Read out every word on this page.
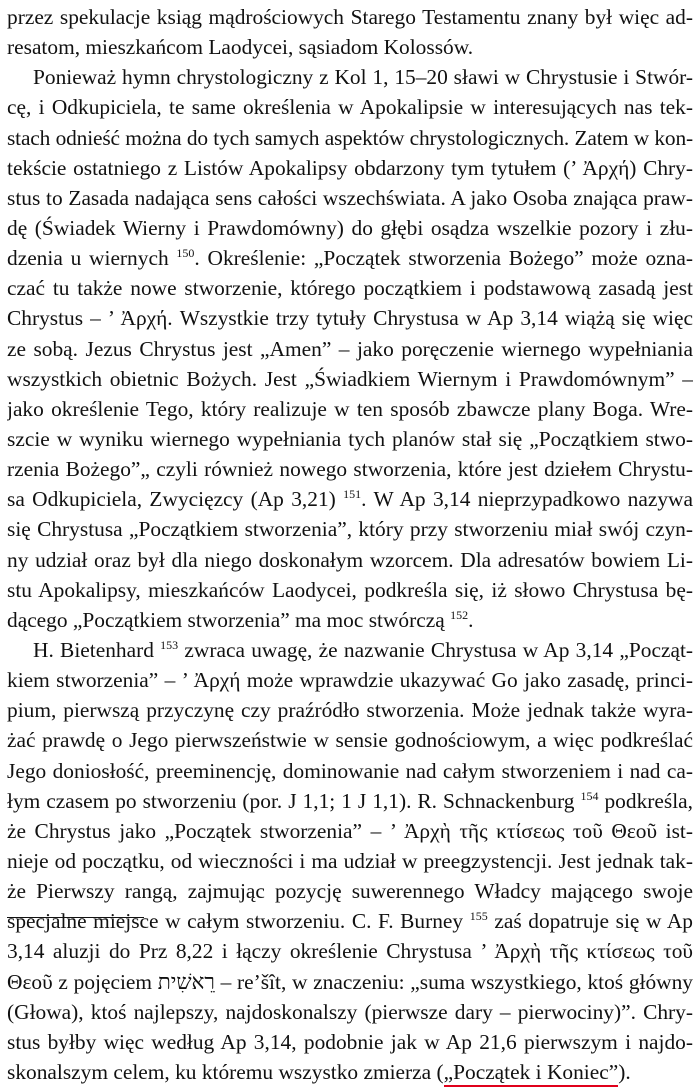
przez spekulacje ksiąg mądrościowych Starego Testamentu znany był więc ad-
resatom, mieszkańcom Laodycei, sąsiadom Kolossów.
Ponieważ hymn chrystologiczny z Kol 1, 15–20 sławi w Chrystusie i Stwór-
cę, i Odkupiciela, te same określenia w Apokalipsie w interesujących nas tek-
stach odnieść można do tych samych aspektów chrystologicznych. Zatem w kon-
tekście ostatniego z Listów Apokalipsy obdarzony tym tytułem (’ Ἀρχή) Chry-
stus to Zasada nadająca sens całości wszechświata. A jako Osoba znająca praw-
dę (Świadek Wierny i Prawdomówny) do głębi osądza wszelkie pozory i złu-
dzenia u wiernych $^{150}$. Określenie: „Początek stworzenia Bożego” może ozna-
czać tu także nowe stworzenie, którego początkiem i podstawową zasadą jest
Chrystus – ’ Ἀρχή. Wszystkie trzy tytuły Chrystusa w Ap 3,14 wiążą się więc
ze sobą. Jezus Chrystus jest „Amen” – jako poręczenie wiernego wypełniania
wszystkich obietnic Bożych. Jest „Świadkiem Wiernym i Prawdomównym” –
jako określenie Tego, który realizuje w ten sposób zbawcze plany Boga. Wre-
szcie w wyniku wiernego wypełniania tych planów stał się „Początkiem stwo-
rzenia Bożego”„ czyli również nowego stworzenia, które jest dziełem Chrystu-
sa Odkupiciela, Zwycięzcy (Ap 3,21) $^{151}$. W Ap 3,14 nieprzypadkowo nazywa
się Chrystusa „Początkiem stworzenia”, który przy stworzeniu miał swój czyn-
ny udział oraz był dla niego doskonałym wzorcem. Dla adresatów bowiem Li-
stu Apokalipsy, mieszkańców Laodycei, podkreśla się, iż słowo Chrystusa bę-
dącego „Początkiem stworzenia” ma moc stwórczą $^{152}$.
H. Bietenhard $^{153}$ zwraca uwagę, że nazwanie Chrystusa w Ap 3,14 „Począt-
kiem stworzenia” – ’ Ἀρχή może wprawdzie ukazywać Go jako zasadę, princi-
pium, pierwszą przyczynę czy praźródło stworzenia. Może jednak także wyra-
żać prawdę o Jego pierwszeństwie w sensie godnościowym, a więc podkreślać
Jego doniosłość, preeminencję, dominowanie nad całym stworzeniem i nad ca-
łym czasem po stworzeniu (por. J 1,1; 1 J 1,1). R. Schnackenburg $^{154}$ podkreśla,
że Chrystus jako „Początek stworzenia” – ’ Ἀρχὴ τῆς κτίσεως τοῦ Θεοῦ ist-
nieje od początku, od wieczności i ma udział w preegzystencji. Jest jednak tak-
że Pierwszy rangą, zajmując pozycję suwerennego Władcy mającego swoje
specjalne miejsce w całym stworzeniu. C. F. Burney $^{155}$ zaś dopatruje się w Ap
3,14 aluzji do Prz 8,22 i łączy określenie Chrystusa ’ Ἀρχὴ τῆς κτίσεως τοῦ
Θεοῦ z pojęciem רֵאשִׁית – re’šît, w znaczeniu: „suma wszystkiego, ktoś główny
(Głowa), ktoś najlepszy, najdoskonalszy (pierwsze dary – pierwociny)”. Chry-
stus byłby więc według Ap 3,14, podobnie jak w Ap 21,6 pierwszym i najdo-
skonalszym celem, ku któremu wszystko zmierza („Początek i Koniec”).
